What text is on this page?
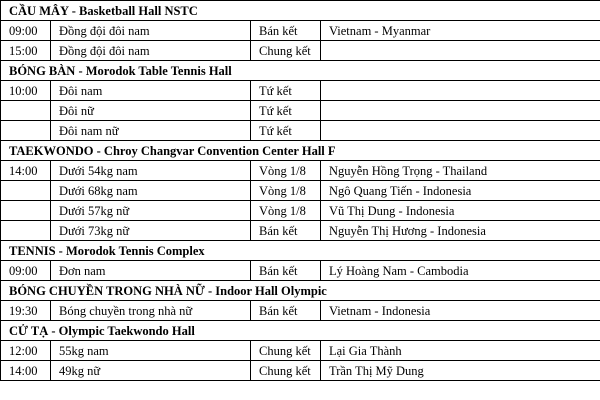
CẦU MÂY - Basketball Hall NSTC			
09:00	Đồng đội đôi nam	Bán kết	Vietnam - Myanmar
15:00	Đồng đội đôi nam	Chung kết	
BÓNG BÀN - Morodok Table Tennis Hall			
10:00	Đôi nam	Tứ kết	
	Đôi nữ	Tứ kết	
	Đôi nam nữ	Tứ kết	
TAEKWONDO - Chroy Changvar Convention Center Hall F			
14:00	Dưới 54kg nam	Vòng 1/8	Nguyễn Hồng Trọng - Thailand
	Dưới 68kg nam	Vòng 1/8	Ngô Quang Tiến - Indonesia
	Dưới 57kg nữ	Vòng 1/8	Vũ Thị Dung - Indonesia
	Dưới 73kg nữ	Bán kết	Nguyễn Thị Hương - Indonesia
TENNIS - Morodok Tennis Complex			
09:00	Đơn nam	Bán kết	Lý Hoàng Nam - Cambodia
BÓNG CHUYỀN TRONG NHÀ NỮ - Indoor Hall Olympic			
19:30	Bóng chuyền trong nhà nữ	Bán kết	Vietnam - Indonesia
CỬ TẠ - Olympic Taekwondo Hall			
12:00	55kg nam	Chung kết	Lại Gia Thành
14:00	49kg nữ	Chung kết	Trần Thị Mỹ Dung
